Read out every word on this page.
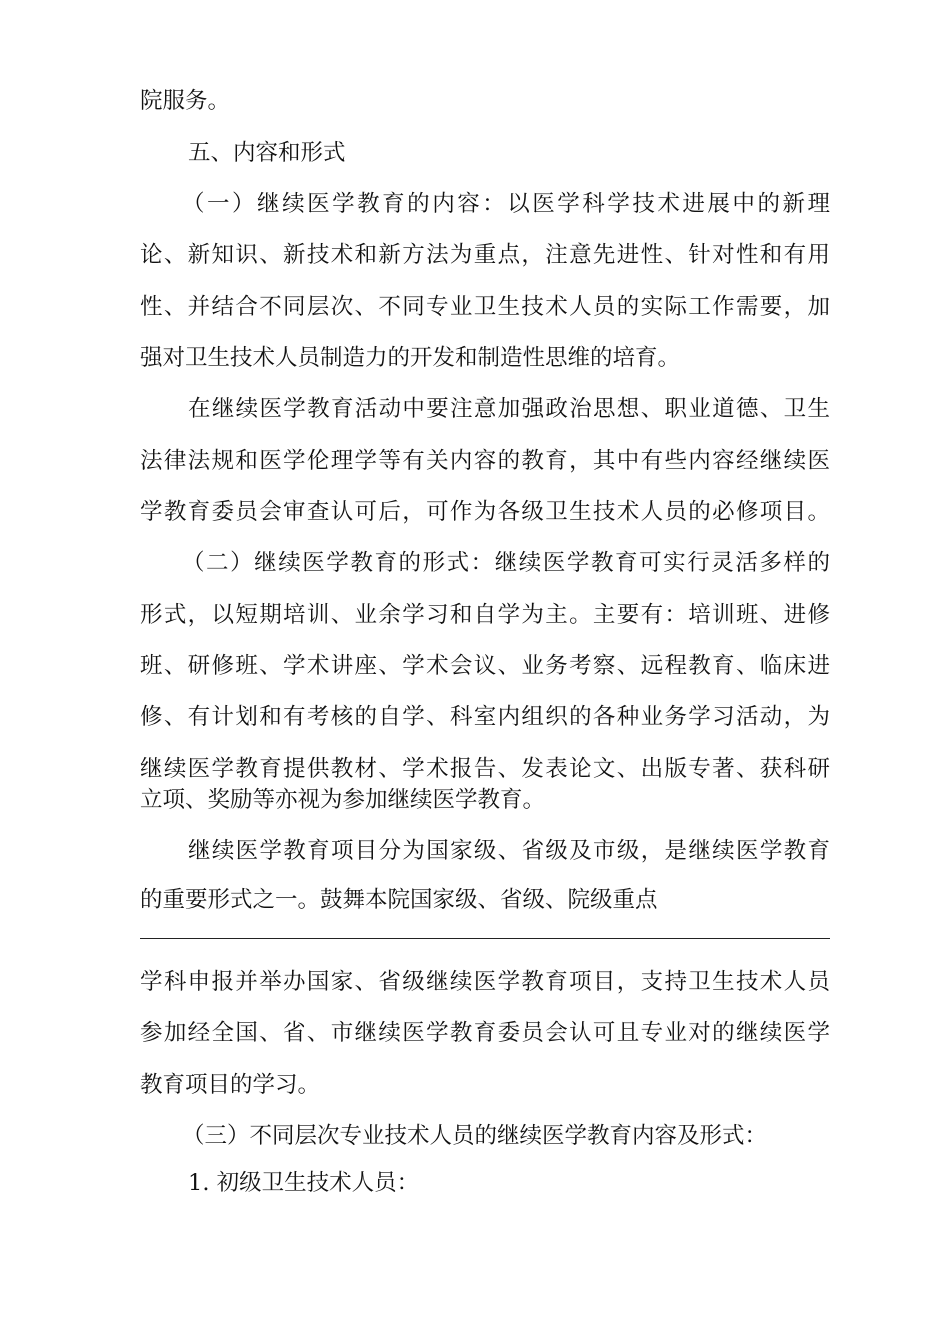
院服务。
五、内容和形式
（一）继续医学教育的内容：以医学科学技术进展中的新理
论、新知识、新技术和新方法为重点，注意先进性、针对性和有用
性、并结合不同层次、不同专业卫生技术人员的实际工作需要，加
强对卫生技术人员制造力的开发和制造性思维的培育。
在继续医学教育活动中要注意加强政治思想、职业道德、卫生
法律法规和医学伦理学等有关内容的教育，其中有些内容经继续医
学教育委员会审查认可后，可作为各级卫生技术人员的必修项目。
（二）继续医学教育的形式：继续医学教育可实行灵活多样的
形式，以短期培训、业余学习和自学为主。主要有：培训班、进修
班、研修班、学术讲座、学术会议、业务考察、远程教育、临床进
修、有计划和有考核的自学、科室内组织的各种业务学习活动，为
继续医学教育提供教材、学术报告、发表论文、出版专著、获科研
立项、奖励等亦视为参加继续医学教育。
继续医学教育项目分为国家级、省级及市级，是继续医学教育
的重要形式之一。鼓舞本院国家级、省级、院级重点
学科申报并举办国家、省级继续医学教育项目，支持卫生技术人员
参加经全国、省、市继续医学教育委员会认可且专业对的继续医学
教育项目的学习。
（三）不同层次专业技术人员的继续医学教育内容及形式：
1. 初级卫生技术人员：
